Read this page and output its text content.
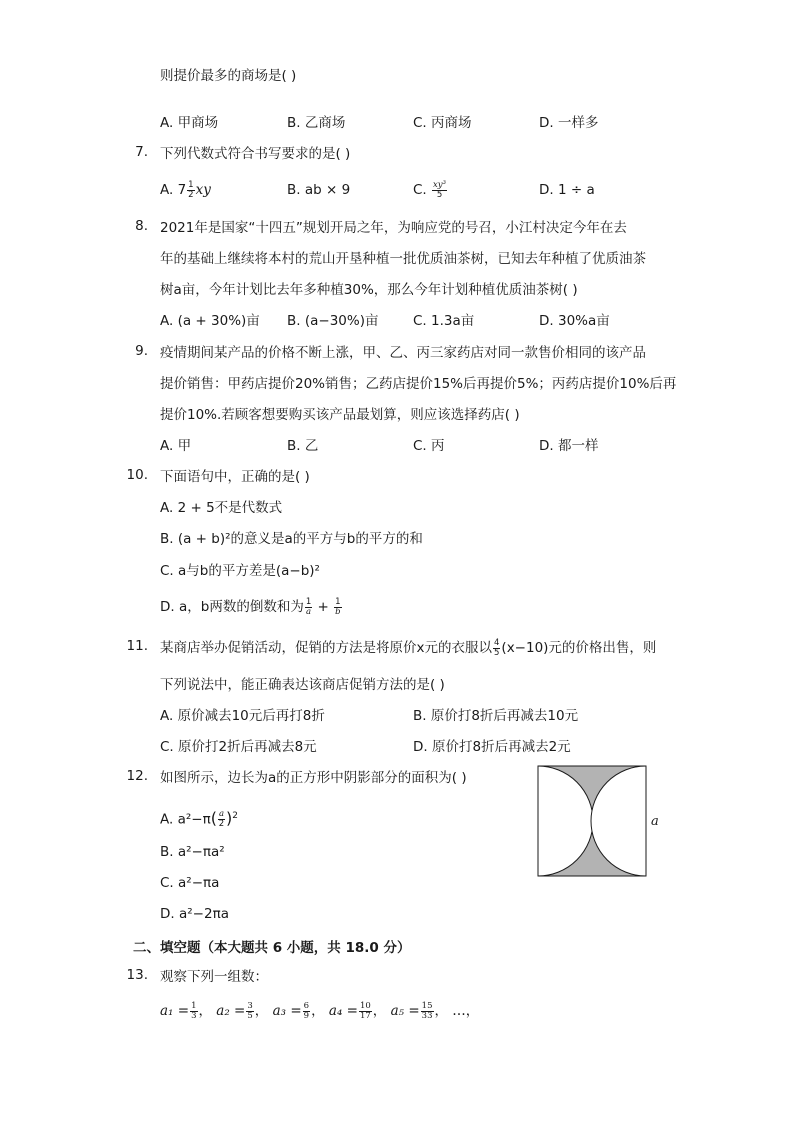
则提价最多的商场是( )
A. 甲商场	B. 乙商场	C. 丙商场	D. 一样多
7. 下列代数式符合书写要求的是( )
A. $7 \frac{1}{2}$ xy	B. ab × 9	C. $\frac{\text{xy³}}{5}$	D. 1 ÷ a
8. 2021年是国家“十四五”规划开局之年，为响应党的号召，小江村决定今年在去
年的基础上继续将本村的荒山开垦种植一批优质油茶树，已知去年种植了优质油茶
树a亩，今年计划比去年多种植30%，那么今年计划种植优质油茶树( )
A. (a + 30%)亩 B. (a−30%)亩	C. 1.3a亩	D. 30%a亩
9. 疫情期间某产品的价格不断上涨，甲、乙、丙三家药店对同一款售价相同的该产品
提价销售：甲药店提价20%销售；乙药店提价15%后再提价5%；丙药店提价10%后再
提价10%.若顾客想要购买该产品最划算，则应该选择药店( )
A. 甲	B. 乙	C. 丙	D. 都一样
10. 下面语句中，正确的是( )
A. 2 + 5不是代数式
B. (a + b)²的意义是a的平方与b的平方的和
C. a与b的平方差是(a−b)²
D. a，b两数的倒数和为 $\frac{1}{a} + \frac{1}{b}$
11. 某商店举办促销活动，促销的方法是将原价x元的衣服以 $\frac{4}{5} (x-10)$元的价格出售，则
下列说法中，能正确表达该商店促销方法的是( )
A. 原价减去10元后再打8折	B. 原价打8折后再减去10元
C. 原价打2折后再减去8元	D. 原价打8折后再减去2元
12. 如图所示，边长为a的正方形中阴影部分的面积为( )
A. $a^2-\pi( \frac{a}{2} )^2$
B. a²−πa²
C. a²−πa
D. a²−2πa
a
二、填空题（本大题共 6 小题，共 18.0 分）
13. 观察下列一组数：
$a_1 = \frac{1}{3}$ ， $a_2 = \frac{3}{5}$ ， $a_3 = \frac{6}{9}$ ， $a_4 = \frac{10}{17}$ ， $a_5 = \frac{15}{33}$ ， …，
